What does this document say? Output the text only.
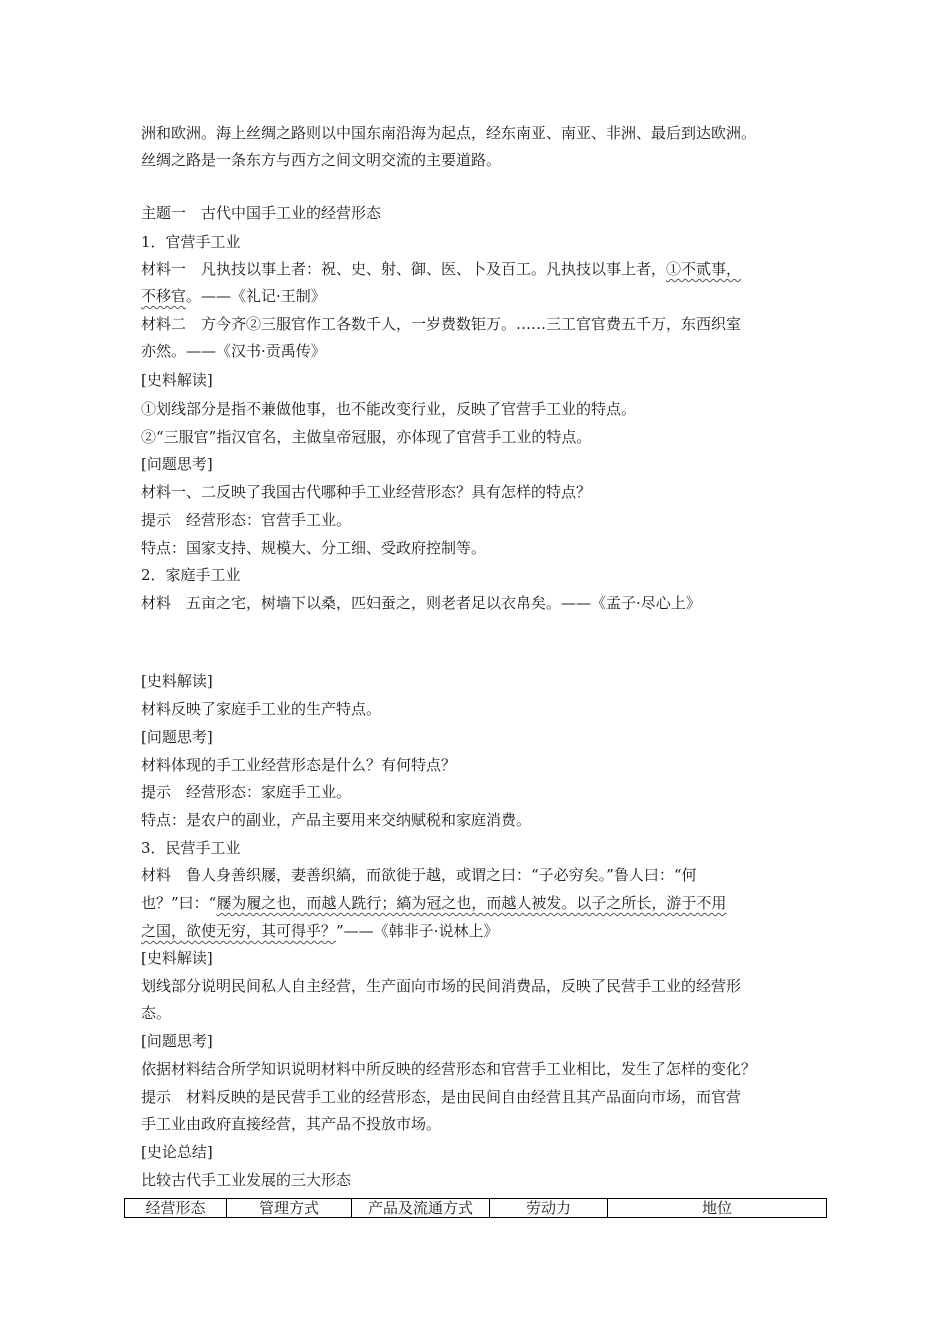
洲和欧洲。海上丝绸之路则以中国东南沿海为起点，经东南亚、南亚、非洲、最后到达欧洲。
丝绸之路是一条东方与西方之间文明交流的主要道路。
主题一　古代中国手工业的经营形态
1．官营手工业
材料一　凡执技以事上者：祝、史、射、御、医、卜及百工。凡执技以事上者，①不贰事，
不移官。——《礼记·王制》
材料二　方今齐②三服官作工各数千人，一岁费数钜万。……三工官官费五千万，东西织室
亦然。——《汉书·贡禹传》
[史料解读]
①划线部分是指不兼做他事，也不能改变行业，反映了官营手工业的特点。
②“三服官”指汉官名，主做皇帝冠服，亦体现了官营手工业的特点。
[问题思考]
材料一、二反映了我国古代哪种手工业经营形态？具有怎样的特点？
提示　经营形态：官营手工业。
特点：国家支持、规模大、分工细、受政府控制等。
2．家庭手工业
材料　五亩之宅，树墙下以桑，匹妇蚕之，则老者足以衣帛矣。——《孟子·尽心上》
[史料解读]
材料反映了家庭手工业的生产特点。
[问题思考]
材料体现的手工业经营形态是什么？有何特点？
提示　经营形态：家庭手工业。
特点：是农户的副业，产品主要用来交纳赋税和家庭消费。
3．民营手工业
材料　鲁人身善织屦，妻善织縞，而欲徙于越，或谓之曰：“子必穷矣。”鲁人曰：“何
也？”曰：“屦为履之也，而越人跣行；縞为冠之也，而越人被发。以子之所长，游于不用
之国，欲使无穷，其可得乎？”——《韩非子·说林上》
[史料解读]
划线部分说明民间私人自主经营，生产面向市场的民间消费品，反映了民营手工业的经营形
态。
[问题思考]
依据材料结合所学知识说明材料中所反映的经营形态和官营手工业相比，发生了怎样的变化？
提示　材料反映的是民营手工业的经营形态，是由民间自由经营且其产品面向市场，而官营
手工业由政府直接经营，其产品不投放市场。
[史论总结]
比较古代手工业发展的三大形态
经营形态	管理方式	产品及流通方式	劳动力	地位
